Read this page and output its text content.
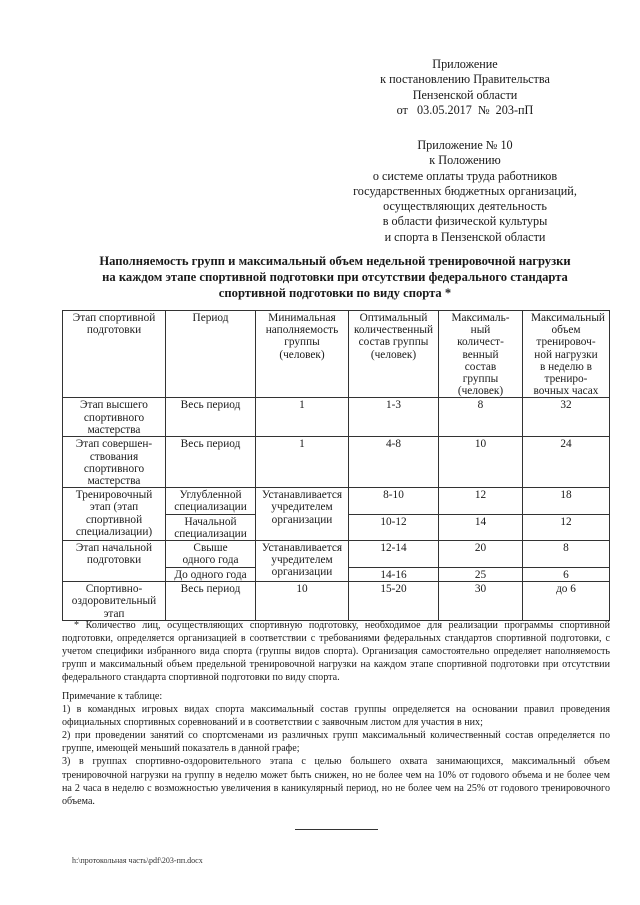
Приложение
к постановлению Правительства
Пензенской области
от   03.05.2017  №  203-пП
Приложение № 10
к Положению
о системе оплаты труда работников
государственных бюджетных организаций,
осуществляющих деятельность
в области физической культуры
и спорта в Пензенской области
Наполняемость групп и максимальный объем недельной тренировочной нагрузки
на каждом этапе спортивной подготовки при отсутствии федерального стандарта
спортивной подготовки по виду спорта *
Этап спортивной подготовки	Период	Минимальная наполняемость группы (человек)	Оптимальный количественный состав группы (человек)	Максималь-ный количест-венный состав группы (человек)	Максимальный объем тренировоч-ной нагрузки в неделю в трениро-вочных часах
Этап высшего спортивного мастерства	Весь период	1	1-3	8	32
Этап совершен-ствования спортивного мастерства	Весь период	1	4-8	10	24
Тренировочный этап (этап спортивной специализации)	Углубленной специализации	Устанавливается учредителем организации	8-10	12	18
	Начальной специализации		10-12	14	12
Этап начальной подготовки	Свыше одного года	Устанавливается учредителем организации	12-14	20	8
	До одного года		14-16	25	6
Спортивно-оздоровительный этап	Весь период	10	15-20	30	до 6

* Количество лиц, осуществляющих спортивную подготовку, необходимое для реализации программы спортивной подготовки, определяется организацией в соответствии с требованиями федеральных стандартов спортивной подготовки, с учетом специфики избранного вида спорта (группы видов спорта). Организация самостоятельно определяет наполняемость групп и максимальный объем предельной тренировочной нагрузки на каждом этапе спортивной подготовки при отсутствии федерального стандарта спортивной подготовки по виду спорта.

Примечание к таблице:

1) в командных игровых видах спорта максимальный состав группы определяется на основании правил проведения официальных спортивных соревнований и в соответствии с заявочным листом для участия в них;

2) при проведении занятий со спортсменами из различных групп максимальный количественный состав определяется по группе, имеющей меньший показатель в данной графе;

3) в группах спортивно-оздоровительного этапа с целью большего охвата занимающихся, максимальный объем тренировочной нагрузки на группу в неделю может быть снижен, но не более чем на 10% от годового объема и не более чем на 2 часа в неделю с возможностью увеличения в каникулярный период, но не более чем на 25% от годового тренировочного объема.

h:\протокольная часть\pdf\203-пп.docx
